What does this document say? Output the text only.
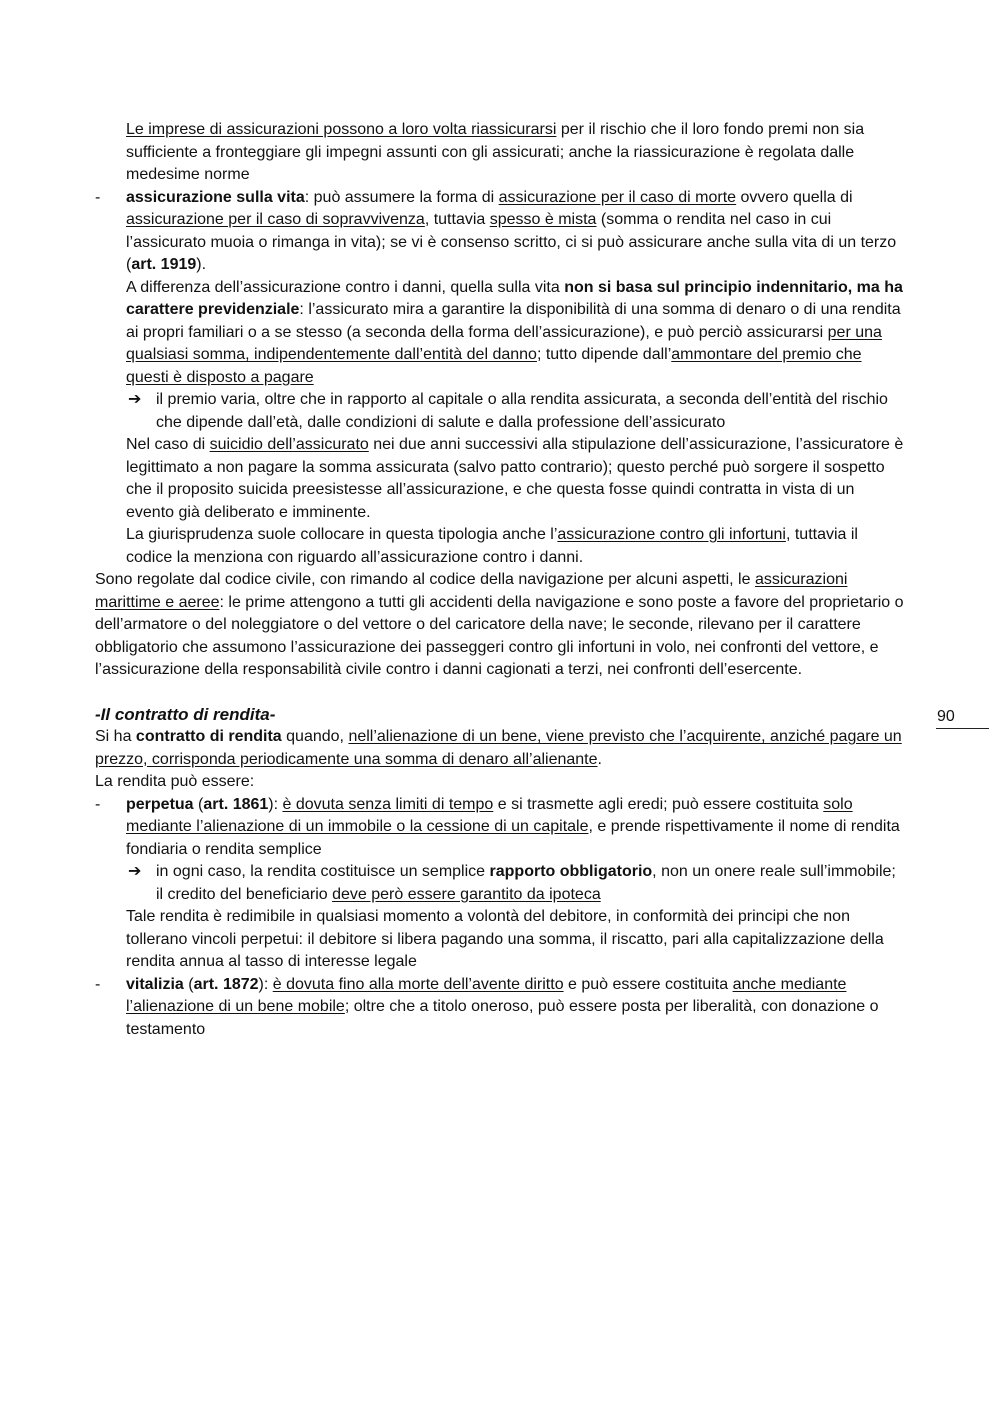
Le imprese di assicurazioni possono a loro volta riassicurarsi per il rischio che il loro fondo premi non sia sufficiente a fronteggiare gli impegni assunti con gli assicurati; anche la riassicurazione è regolata dalle medesime norme

- assicurazione sulla vita: può assumere la forma di assicurazione per il caso di morte ovvero quella di assicurazione per il caso di sopravvivenza, tuttavia spesso è mista (somma o rendita nel caso in cui l’assicurato muoia o rimanga in vita); se vi è consenso scritto, ci si può assicurare anche sulla vita di un terzo (art. 1919).

A differenza dell’assicurazione contro i danni, quella sulla vita non si basa sul principio indennitario, ma ha carattere previdenziale: l’assicurato mira a garantire la disponibilità di una somma di denaro o di una rendita ai propri familiari o a se stesso (a seconda della forma dell’assicurazione), e può perciò assicurarsi per una qualsiasi somma, indipendentemente dall’entità del danno; tutto dipende dall’ammontare del premio che questi è disposto a pagare

➔ il premio varia, oltre che in rapporto al capitale o alla rendita assicurata, a seconda dell’entità del rischio che dipende dall’età, dalle condizioni di salute e dalla professione dell’assicurato

Nel caso di suicidio dell’assicurato nei due anni successivi alla stipulazione dell’assicurazione, l’assicuratore è legittimato a non pagare la somma assicurata (salvo patto contrario); questo perché può sorgere il sospetto che il proposito suicida preesistesse all’assicurazione, e che questa fosse quindi contratta in vista di un evento già deliberato e imminente.

La giurisprudenza suole collocare in questa tipologia anche l’assicurazione contro gli infortuni, tuttavia il codice la menziona con riguardo all’assicurazione contro i danni.

Sono regolate dal codice civile, con rimando al codice della navigazione per alcuni aspetti, le assicurazioni marittime e aeree: le prime attengono a tutti gli accidenti della navigazione e sono poste a favore del proprietario o dell’armatore o del noleggiatore o del vettore o del caricatore della nave; le seconde, rilevano per il carattere obbligatorio che assumono l’assicurazione dei passeggeri contro gli infortuni in volo, nei confronti del vettore, e l’assicurazione della responsabilità civile contro i danni cagionati a terzi, nei confronti dell’esercente.

-Il contratto di rendita-

Si ha contratto di rendita quando, nell’alienazione di un bene, viene previsto che l’acquirente, anziché pagare un prezzo, corrisponda periodicamente una somma di denaro all’alienante.

La rendita può essere:

- perpetua (art. 1861): è dovuta senza limiti di tempo e si trasmette agli eredi; può essere costituita solo mediante l’alienazione di un immobile o la cessione di un capitale, e prende rispettivamente il nome di rendita fondiaria o rendita semplice

➔ in ogni caso, la rendita costituisce un semplice rapporto obbligatorio, non un onere reale sull’immobile; il credito del beneficiario deve però essere garantito da ipoteca

Tale rendita è redimibile in qualsiasi momento a volontà del debitore, in conformità dei principi che non tollerano vincoli perpetui: il debitore si libera pagando una somma, il riscatto, pari alla capitalizzazione della rendita annua al tasso di interesse legale

- vitalizia (art. 1872): è dovuta fino alla morte dell’avente diritto e può essere costituita anche mediante l’alienazione di un bene mobile; oltre che a titolo oneroso, può essere posta per liberalità, con donazione o testamento

90
